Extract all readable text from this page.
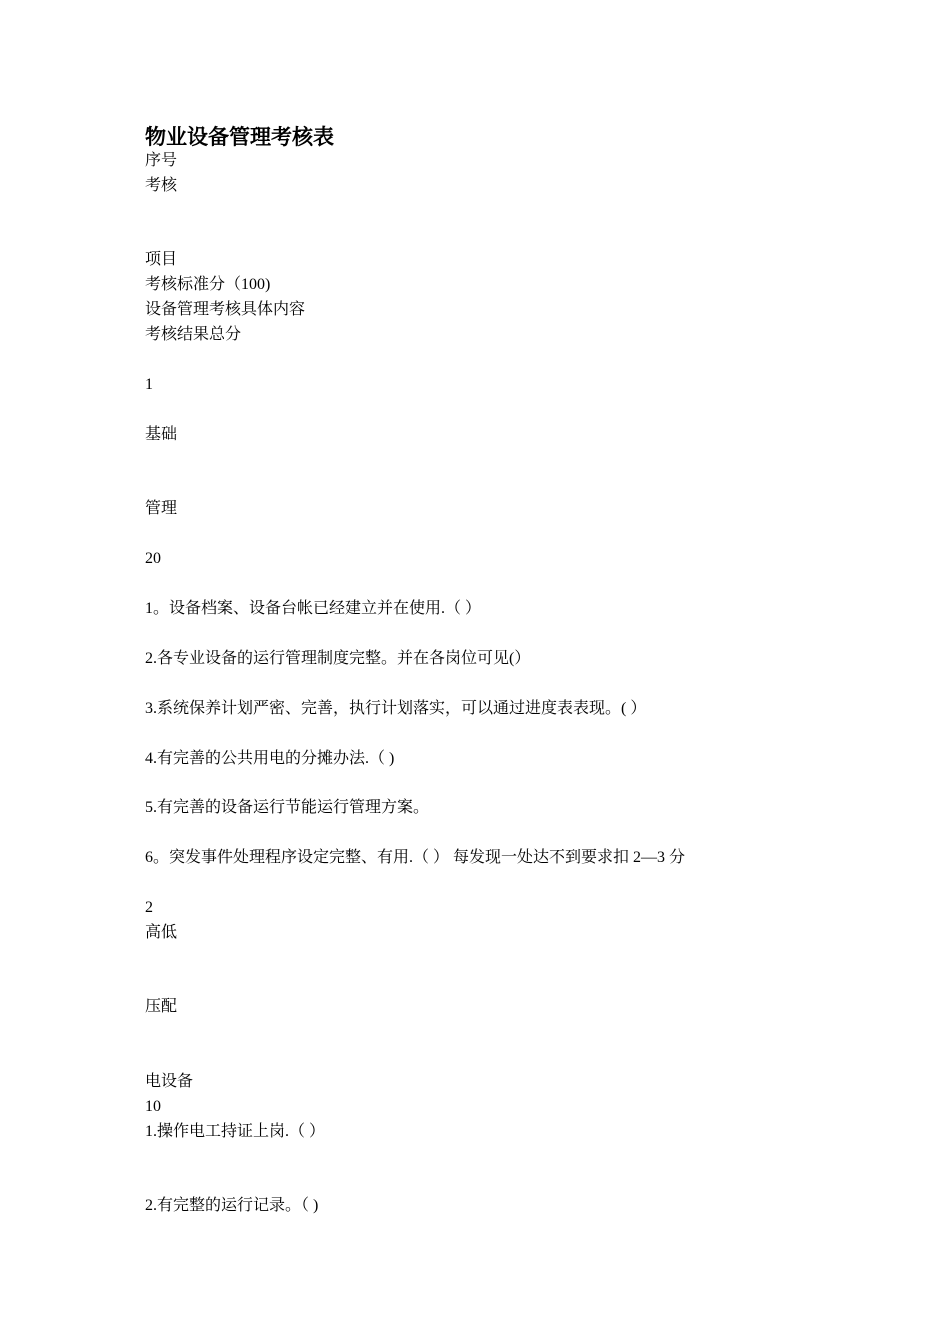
物业设备管理考核表
序号
考核
项目
考核标准分（100)
设备管理考核具体内容
考核结果总分
1
基础
管理
20
1。设备档案、设备台帐已经建立并在使用.（ ）
2.各专业设备的运行管理制度完整。并在各岗位可见(）
3.系统保养计划严密、完善，执行计划落实，可以通过进度表表现。( ）
4.有完善的公共用电的分摊办法.（ )
5.有完善的设备运行节能运行管理方案。
6。突发事件处理程序设定完整、有用.（ ） 每发现一处达不到要求扣 2—3 分
2
高低
压配
电设备
10
1.操作电工持证上岗.（ ）
2.有完整的运行记录。（ )
